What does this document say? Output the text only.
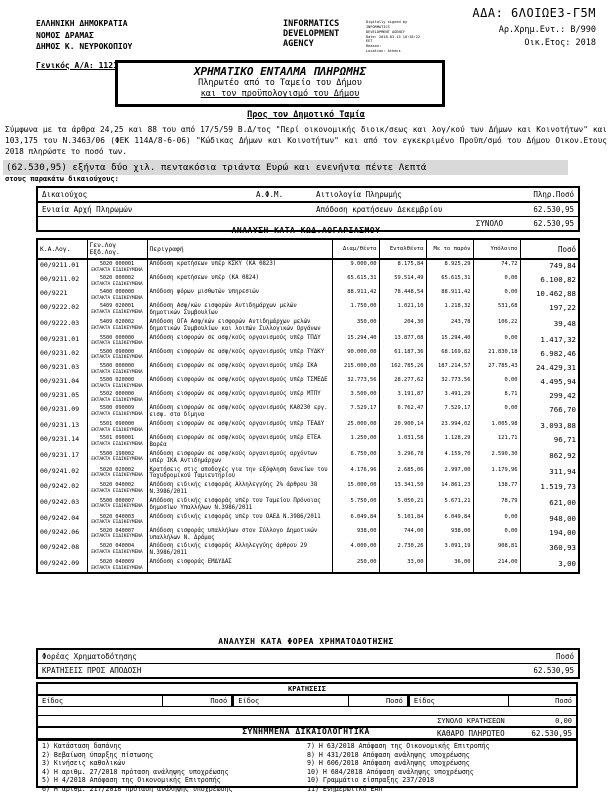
ΑΔΑ: 6ΛΟΙΩΕ3-Γ5Μ
ΕΛΛΗΝΙΚΗ ΔΗΜΟΚΡΑΤΙΑ
ΝΟΜΟΣ ΔΡΑΜΑΣ
ΔΗΜΟΣ Κ. ΝΕΥΡΟΚΟΠΙΟΥ
Γενικός Α/Α: 1121
INFORMATICS DEVELOPMENT AGENCY
Digitally signed by
INFORMATICS
DEVELOPMENT AGENCY
Date: 2018.03.15 10:18:22 EET
Reason:
Location: Athens
Αρ.Χρημ.Εντ.: Β/990
Οικ.Ετος: 2018
ΧΡΗΜΑΤΙΚΟ ΕΝΤΑΛΜΑ ΠΛΗΡΩΜΗΣ
Πληρωτέο από το Ταμείο του Δήμου
και τον προϋπολογισμό του Δήμου
Προς τον Δημοτικό Ταμία
Σύμφωνα με τα άρθρα 24,25 και 88 του από 17/5/59 Β.Δ/τος "Περί οικονομικής διοικ/σεως και λογ/κού των Δήμων και Κοινοτήτων" και 103,175 του Ν.3463/06 (ΦΕΚ 114Α/8-6-06) "Κώδικας Δήμων και Κοινοτήτων" και από τον εγκεκριμένο Προϋπ/σμό του Δήμου Οικον.Ετους 2018 πληρώστε το ποσό των.
(62.530,95) εξήντα δύο χιλ. πεντακόσια τριάντα Ευρώ και ενενήντα πέντε Λεπτά
στους παρακάτω δικαιούχους:
Δικαιούχος	Α.Φ.Μ.	Αιτιολογία Πληρωμής	Πληρ.Ποσό
Ενιαία Αρχή Πληρωμών		Απόδοση κρατήσεων Δεκεμβρίου	62.530,95
		ΣΥΝΟΛΟ	62.530,95
ΑΝΑΛΥΣΗ ΚΑΤΑ ΚΩΔ.ΛΟΓΑΡΙΑΣΜΟΥ
Κ.Α.Λογ.	Γεν.Λογ Εξδ.Λογ.	Περιγραφή	Διαμ/θέντα	Ενταλθέντα	Με το παρόν	Υπόλοιπο	Ποσό
00/9211.01	5020 000001
ΕΚΤΑΚΤΑ ΕΙΔΙΚΕΥΜΕΝΑ	Απόδοση κρατήσεων υπέρ ΚΣΚΥ (ΚΑ 0823)	9.000,00	8.175,84	8.925,29	74,72	749,84
00/9211.02	5020 000002
ΕΚΤΑΚΤΑ ΕΙΔΙΚΕΥΜΕΝΑ	Απόδοση κρατήσεων υπέρ (ΚΑ 0824)	65.615,31	59.514,49	65.615,31	0,00	6.100,82
00/9221	5400 000000
ΕΚΤΑΚΤΑ ΕΙΔΙΚΕΥΜΕΝΑ	Απόδοση φόρων μισθωτών υπηρεσιών	88.911,42	78.448,54	88.911,42	0,00	10.462,88
00/9222.02	5409 020001
ΕΚΤΑΚΤΑ ΕΙΔΙΚΕΥΜΕΝΑ	Απόδοση Ασφ/κών εισφορών Αντιδημάρχων μελών δημοτικών Συμβουλίων	1.750,00	1.021,10	1.218,32	531,68	197,22
00/9222.03	5409 020002
ΕΚΤΑΚΤΑ ΕΙΔΙΚΕΥΜΕΝΑ	Απόδοση ΟΓΑ Ασφ/κών εισφορών Αντιδημάρχων μελών δημοτικών Συμβουλίων και λοιπών Συλλογικών Οργάνων	350,00	204,30	243,78	106,22	39,48
00/9231.01	5500 000000
ΕΚΤΑΚΤΑ ΕΙΔΙΚΕΥΜΕΝΑ	Απόδοση εισφορών σε ασφ/κούς οργανισμούς υπέρ ΤΠΔΥ	15.294,40	13.877,08	15.294,40	0,00	1.417,32
00/9231.02	5500 090000
ΕΚΤΑΚΤΑ ΕΙΔΙΚΕΥΜΕΝΑ	Απόδοση εισφορών σε ασφ/κούς οργανισμούς υπέρ ΤΥΔΚΥ	90.000,00	61.187,36	68.169,82	21.830,18	6.982,46
00/9231.03	5500 000000
ΕΚΤΑΚΤΑ ΕΙΔΙΚΕΥΜΕΝΑ	Απόδοση εισφορών σε ασφ/κούς οργανισμούς υπέρ ΙΚΑ	215.000,00	162.785,26	187.214,57	27.785,43	24.429,31
00/9231.04	5500 020000
ΕΚΤΑΚΤΑ ΕΙΔΙΚΕΥΜΕΝΑ	Απόδοση εισφορών σε ασφ/κούς οργανισμούς υπέρ ΤΣΜΕΔΕ	32.773,56	28.277,62	32.773,56	0,00	4.495,94
00/9231.05	5502 000000
ΕΚΤΑΚΤΑ ΕΙΔΙΚΕΥΜΕΝΑ	Απόδοση εισφορών σε ασφ/κούς οργανισμούς υπέρ ΜΤΠΥ	3.500,00	3.191,87	3.491,29	8,71	299,42
00/9231.09	5500 090009
ΕΚΤΑΚΤΑ ΕΙΔΙΚΕΥΜΕΝΑ	Απόδοση εισφορών σε ασφ/κούς οργανισμούς ΚΑ0230 εργ. εισφ. στα δίμηνα	7.529,17	6.762,47	7.529,17	0,00	766,70
00/9231.13	5501 090000
ΕΚΤΑΚΤΑ ΕΙΔΙΚΕΥΜΕΝΑ	Απόδοση εισφορών σε ασφ/κούς οργανισμούς υπέρ ΤΕΑΔΥ	25.000,00	20.900,14	23.994,02	1.005,98	3.093,88
00/9231.14	5501 090001
ΕΚΤΑΚΤΑ ΕΙΔΙΚΕΥΜΕΝΑ	Απόδοση εισφορών σε ασφ/κούς οργανισμούς υπέρ ΕΤΕΑ Βαρέα	1.250,00	1.031,58	1.128,29	121,71	96,71
00/9231.17	5500 190002
ΕΚΤΑΚΤΑ ΕΙΔΙΚΕΥΜΕΝΑ	Απόδοση εισφορών σε ασφ/κούς οργανισμούς αρχόντων υπέρ ΙΚΑ Αντιδημάρχων	6.750,00	3.296,78	4.159,70	2.590,30	862,92
00/9241.02	5020 020002
ΕΚΤΑΚΤΑ ΕΙΔΙΚΕΥΜΕΝΑ	Κρατήσεις στις αποδοχές για την εξόφληση δανείων του Ταχυδρομικού Ταμιευτηρίου	4.176,96	2.685,06	2.997,00	1.179,96	311,94
00/9242.02	5020 040002
ΕΚΤΑΚΤΑ ΕΙΔΙΚΕΥΜΕΝΑ	Απόδοση ειδικής εισφοράς Αλληλεγγύης 2% άρθρου 38 Ν.3986/2011	15.000,00	13.341,50	14.861,23	138,77	1.519,73
00/9242.03	5500 000007
ΕΚΤΑΚΤΑ ΕΙΔΙΚΕΥΜΕΝΑ	Απόδοση ειδικής εισφοράς υπέρ του Ταμείου Πρόνοιας δημοσίων Υπαλλήλων Ν.3986/2011	5.750,00	5.050,21	5.671,21	78,79	621,00
00/9242.04	5020 040003
ΕΚΤΑΚΤΑ ΕΙΔΙΚΕΥΜΕΝΑ	Απόδοση ειδικής εισφοράς υπέρ του ΟΑΕΔ Ν.3986/2011	6.049,84	5.101,84	6.049,84	0,00	948,00
00/9242.06	5020 040007
ΕΚΤΑΚΤΑ ΕΙΔΙΚΕΥΜΕΝΑ	Απόδοση εισφοράς υπαλλήλων στον Σύλλογο Δημοτικών υπαλλήλων Ν. Δράμας	938,00	744,00	938,00	0,00	194,00
00/9242.08	5020 040004
ΕΚΤΑΚΤΑ ΕΙΔΙΚΕΥΜΕΝΑ	Απόδοση ειδικής εισφοράς Αλληλεγγύης άρθρου 29 Ν.3986/2011	4.000,00	2.730,26	3.091,19	908,81	360,93
00/9242.09	5020 040009
ΕΚΤΑΚΤΑ ΕΙΔΙΚΕΥΜΕΝΑ	Απόδοση εισφοράς ΕΜΔΥΔΑΣ	250,00	33,00	36,00	214,00	3,00
ΑΝΑΛΥΣΗ ΚΑΤΑ ΦΟΡΕΑ ΧΡΗΜΑΤΟΔΟΤΗΣΗΣ
Φορέας Χρηματοδότησης	Ποσό
ΚΡΑΤΗΣΕΙΣ ΠΡΟΣ ΑΠΟΔΟΣΗ	62.530,95
ΚΡΑΤΗΣΕΙΣ					
Είδος	Ποσό	Είδος	Ποσό	Είδος	Ποσό

ΣΥΝΟΛΟ ΚΡΑΤΗΣΕΩΝ					0,00
ΚΑΘΑΡΟ ΠΛΗΡΩΤΕΟ					62.530,95
ΣΥΝΗΜΜΕΝΑ ΔΙΚΑΙΟΛΟΓΗΤΙΚΑ
1) Κατάσταση δαπάνης
2) Βεβαίωση ύπαρξης πίστωσης
3) Κινήσεις καθολικών
4) Η αριθμ. 27/2018 πρόταση ανάληψης υποχρέωσης
5) Η 4/2018 Απόφαση της Οικονομικής Επιτροπής
6) Η αριθμ. 217/2018 πρόταση ανάληψης υποχρέωσης
7) Η 63/2018 Απόφαση της Οικονομικής Επιτροπής
8) Η 431/2018 Απόφαση ανάληψης υποχρέωσης
9) Η 606/2018 Απόφαση ανάληψης υποχρέωσης
10) Η 684/2018 Απόφαση ανάληψης υποχρέωσης
10) Γραμμάτιο είσπραξης 237/2018
11) Ενημερωτικό ΕΑΠ
